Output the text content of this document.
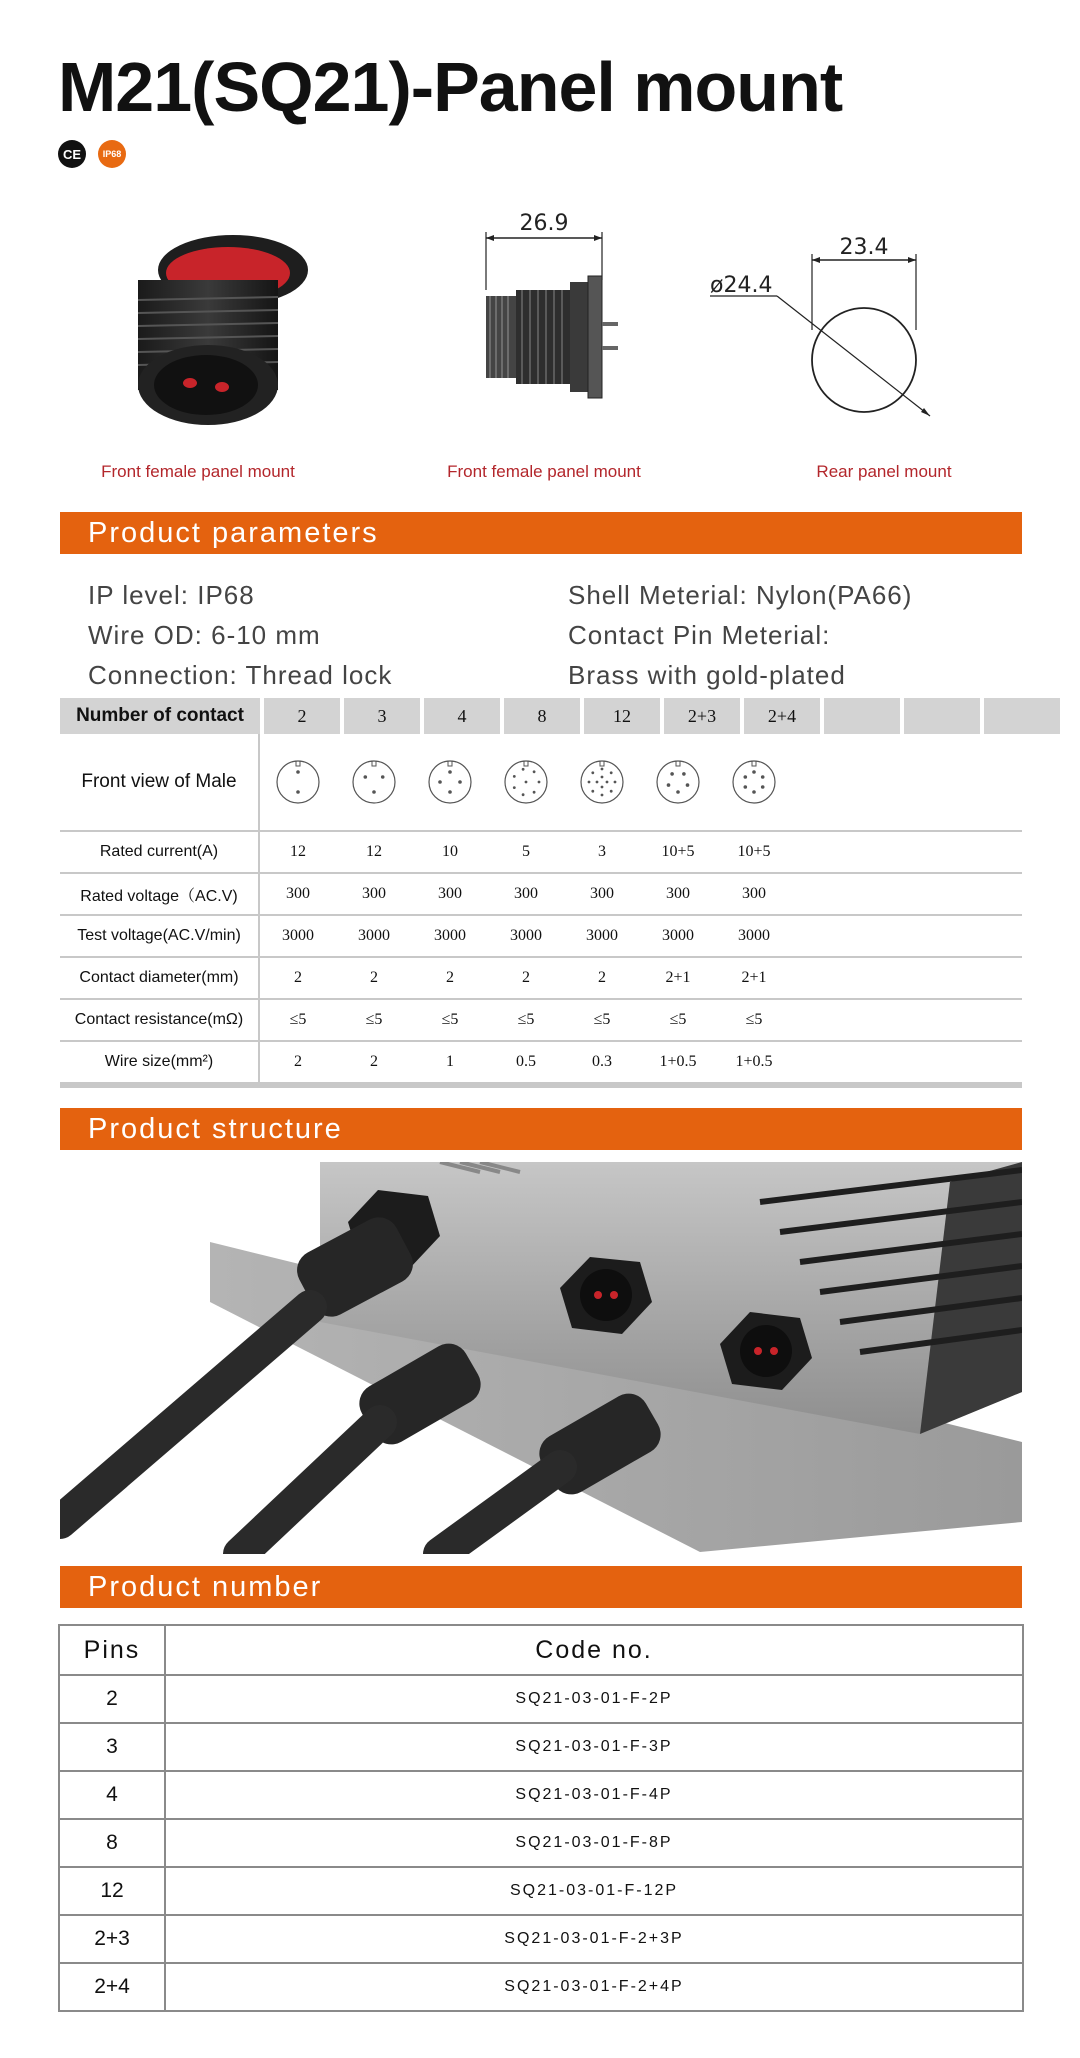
M21(SQ21)-Panel mount
CE	IP68
26.9
23.4
ø24.4
Front female panel mount	Front female panel mount	Rear panel mount
Product parameters
IP level: IP68
Wire OD: 6-10 mm
Connection: Thread lock
Shell Meterial: Nylon(PA66)
Contact Pin Meterial:
Brass with gold-plated
Number of contact	2	3	4	8	12	2+3	2+4
Front view of Male
Rated current(A)	12	12	10	5	3	10+5	10+5
Rated voltage（AC.V)	300	300	300	300	300	300	300
Test voltage(AC.V/min)	3000	3000	3000	3000	3000	3000	3000
Contact diameter(mm)	2	2	2	2	2	2+1	2+1
Contact resistance(mΩ)	≤5	≤5	≤5	≤5	≤5	≤5	≤5
Wire size(mm²)	2	2	1	0.5	0.3	1+0.5	1+0.5
Product structure
Product number
Pins	Code no.
2	SQ21-03-01-F-2P
3	SQ21-03-01-F-3P
4	SQ21-03-01-F-4P
8	SQ21-03-01-F-8P
12	SQ21-03-01-F-12P
2+3	SQ21-03-01-F-2+3P
2+4	SQ21-03-01-F-2+4P
